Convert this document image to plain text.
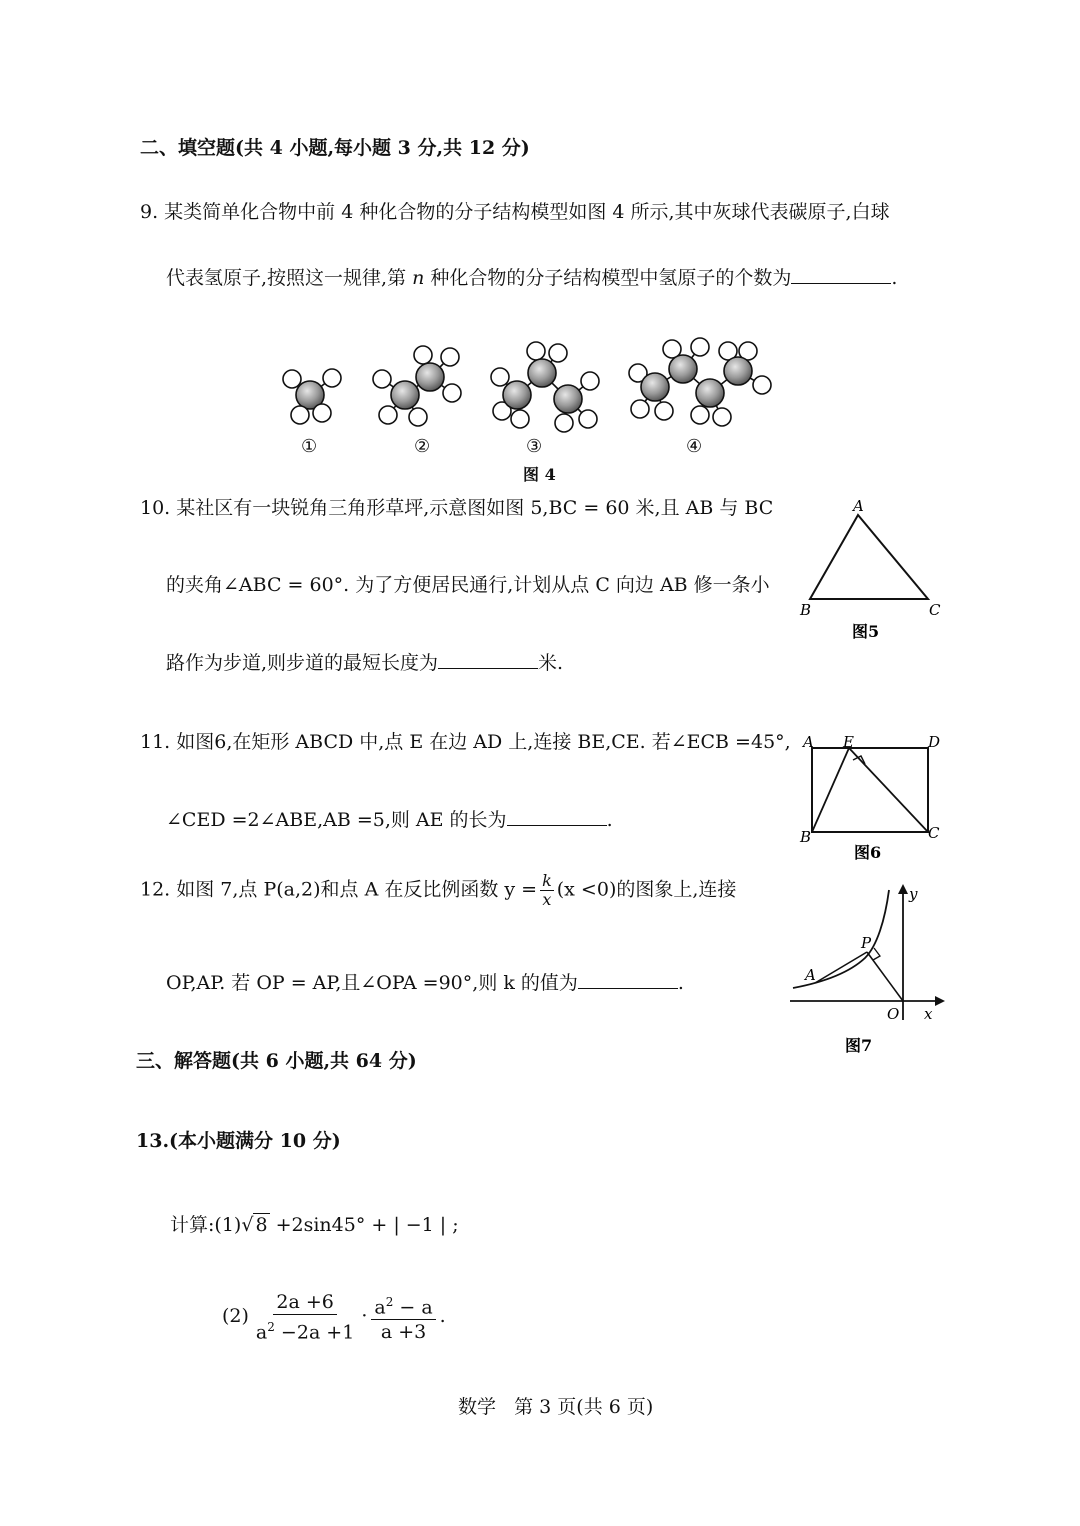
二、填空题(共 4 小题,每小题 3 分,共 12 分)
9. 某类简单化合物中前 4 种化合物的分子结构模型如图 4 所示,其中灰球代表碳原子,白球
代表氢原子,按照这一规律,第 n 种化合物的分子结构模型中氢原子的个数为	.
①	②	③	④
图 4
10. 某社区有一块锐角三角形草坪,示意图如图 5,BC = 60 米,且 AB 与 BC
的夹角∠ABC = 60°. 为了方便居民通行,计划从点 C 向边 AB 修一条小
路作为步道,则步道的最短长度为	米.
A
B	C
图5
11. 如图6,在矩形 ABCD 中,点 E 在边 AD 上,连接 BE,CE. 若∠ECB =45°,
∠CED =2∠ABE,AB =5,则 AE 的长为	.
A E	D
B	C
图6
12. 如图 7,点 P(a,2)和点 A 在反比例函数 $y = \frac{k}{x} (x <0)$的图象上,连接
OP,AP. 若 OP = AP,且∠OPA =90°,则 k 的值为	.
y
x
O
P
A
图7
三、解答题(共 6 小题,共 64 分)
13.(本小题满分 10 分)
计算:(1)√ 8 +2sin45° + | −1 | ;
$(2) \frac{2a +6}{a^2 -2a +1} \cdot \frac{a^2 - a}{a +3}$ .
数学   第 3 页(共 6 页)
